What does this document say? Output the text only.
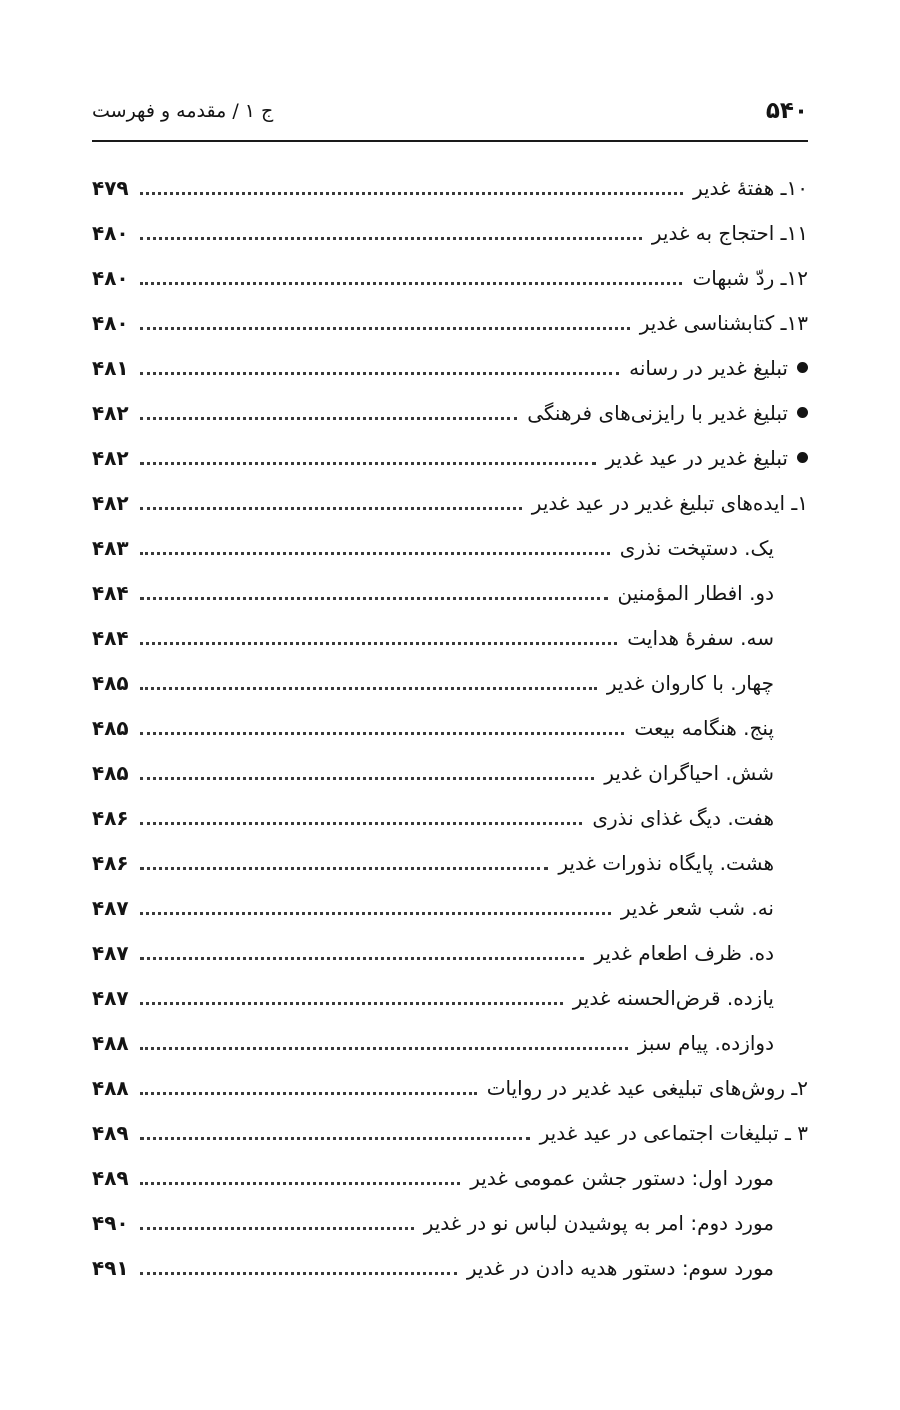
۵۴۰
ج ۱ / مقدمه و فهرست
۱۰ـ هفتهٔ غدیر
۴۷۹
۱۱ـ احتجاج به غدیر
۴۸۰
۱۲ـ ردّ شبهات
۴۸۰
۱۳ـ کتابشناسی غدیر
۴۸۰
تبلیغ غدیر در رسانه
۴۸۱
تبلیغ غدیر با رایزنی‌های فرهنگی
۴۸۲
تبلیغ غدیر در عید غدیر
۴۸۲
۱ـ ایده‌های تبلیغ غدیر در عید غدیر
۴۸۲
یک. دستپخت نذری
۴۸۳
دو. افطار المؤمنین
۴۸۴
سه. سفرهٔ هدایت
۴۸۴
چهار. با کاروان غدیر
۴۸۵
پنج. هنگامه بیعت
۴۸۵
شش. احیاگران غدیر
۴۸۵
هفت. دیگ غذای نذری
۴۸۶
هشت. پایگاه نذورات غدیر
۴۸۶
نه. شب شعر غدیر
۴۸۷
ده. ظرف اطعام غدیر
۴۸۷
یازده. قرض‌الحسنه غدیر
۴۸۷
دوازده. پیام سبز
۴۸۸
۲ـ روش‌های تبلیغی عید غدیر در روایات
۴۸۸
۳ ـ تبلیغات اجتماعی در عید غدیر
۴۸۹
مورد اول: دستور جشن عمومی غدیر
۴۸۹
مورد دوم: امر به پوشیدن لباس نو در غدیر
۴۹۰
مورد سوم: دستور هدیه دادن در غدیر
۴۹۱
